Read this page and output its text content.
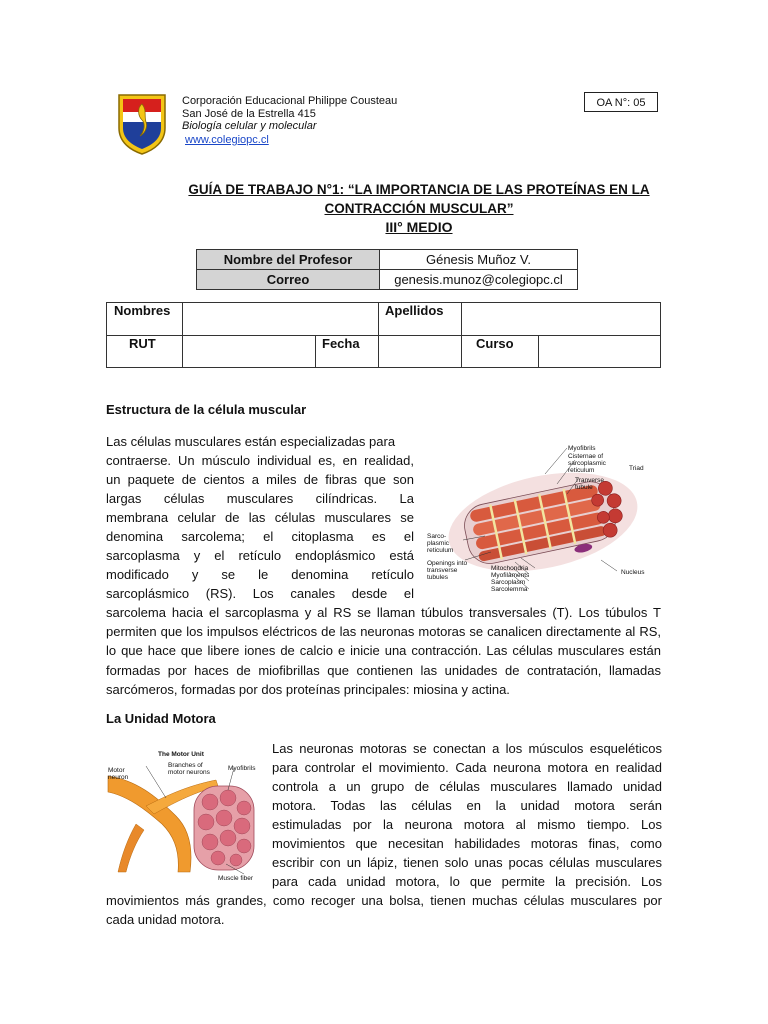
Corporación Educacional Philippe Cousteau
San José de la Estrella 415
Biología celular y molecular
www.colegiopc.cl
OA N°: 05
GUÍA DE TRABAJO N°1: “LA IMPORTANCIA DE LAS PROTEÍNAS EN LA
CONTRACCIÓN MUSCULAR”
III° MEDIO
Nombre del Profesor	Génesis Muñoz V.
Correo	genesis.munoz@colegiopc.cl
Nombres			Apellidos		
RUT		Fecha		Curso	
Estructura de la célula muscular
Las células musculares están especializadas para
contraerse. Un músculo individual es, en realidad,
un paquete de cientos a miles de fibras que son
largas células musculares cilíndricas. La
membrana celular de las células musculares se
denomina sarcolema; el citoplasma es el
sarcoplasma y el retículo endoplásmico está
modificado y se le denomina retículo
sarcoplásmico (RS). Los canales desde el
Myofibrils
Cisternae of
sarcoplasmic
reticulum	Triad
Tranverse
tubule
Sarco-
plasmic
reticulum
Openings into
transverse
tubules
Mitochondria
Myofilaments
Sarcoplasm
Sarcolemma
Nucleus
sarcolema hacia el sarcoplasma y al RS se llaman túbulos transversales (T). Los túbulos T permiten que los impulsos eléctricos de las neuronas motoras se canalicen directamente al RS, lo que hace que libere iones de calcio e inicie una contracción. Las células musculares están formadas por haces de miofibrillas que contienen las unidades de contratación, llamadas sarcómeros, formadas por dos proteínas principales: miosina y actina.
La Unidad Motora
The Motor Unit
Motor
neuron
Branches of
motor neurons
Myofibrils
Muscle fiber
Las neuronas motoras se conectan a los músculos esqueléticos
para controlar el movimiento. Cada neurona motora en realidad
controla a un grupo de células musculares llamado unidad
motora. Todas las células en la unidad motora serán
estimuladas por la neurona motora al mismo tiempo. Los
movimientos que necesitan habilidades motoras finas, como
escribir con un lápiz, tienen solo unas pocas células musculares
para cada unidad motora, lo que permite la precisión. Los
movimientos más grandes, como recoger una bolsa, tienen muchas células musculares por cada unidad motora.
